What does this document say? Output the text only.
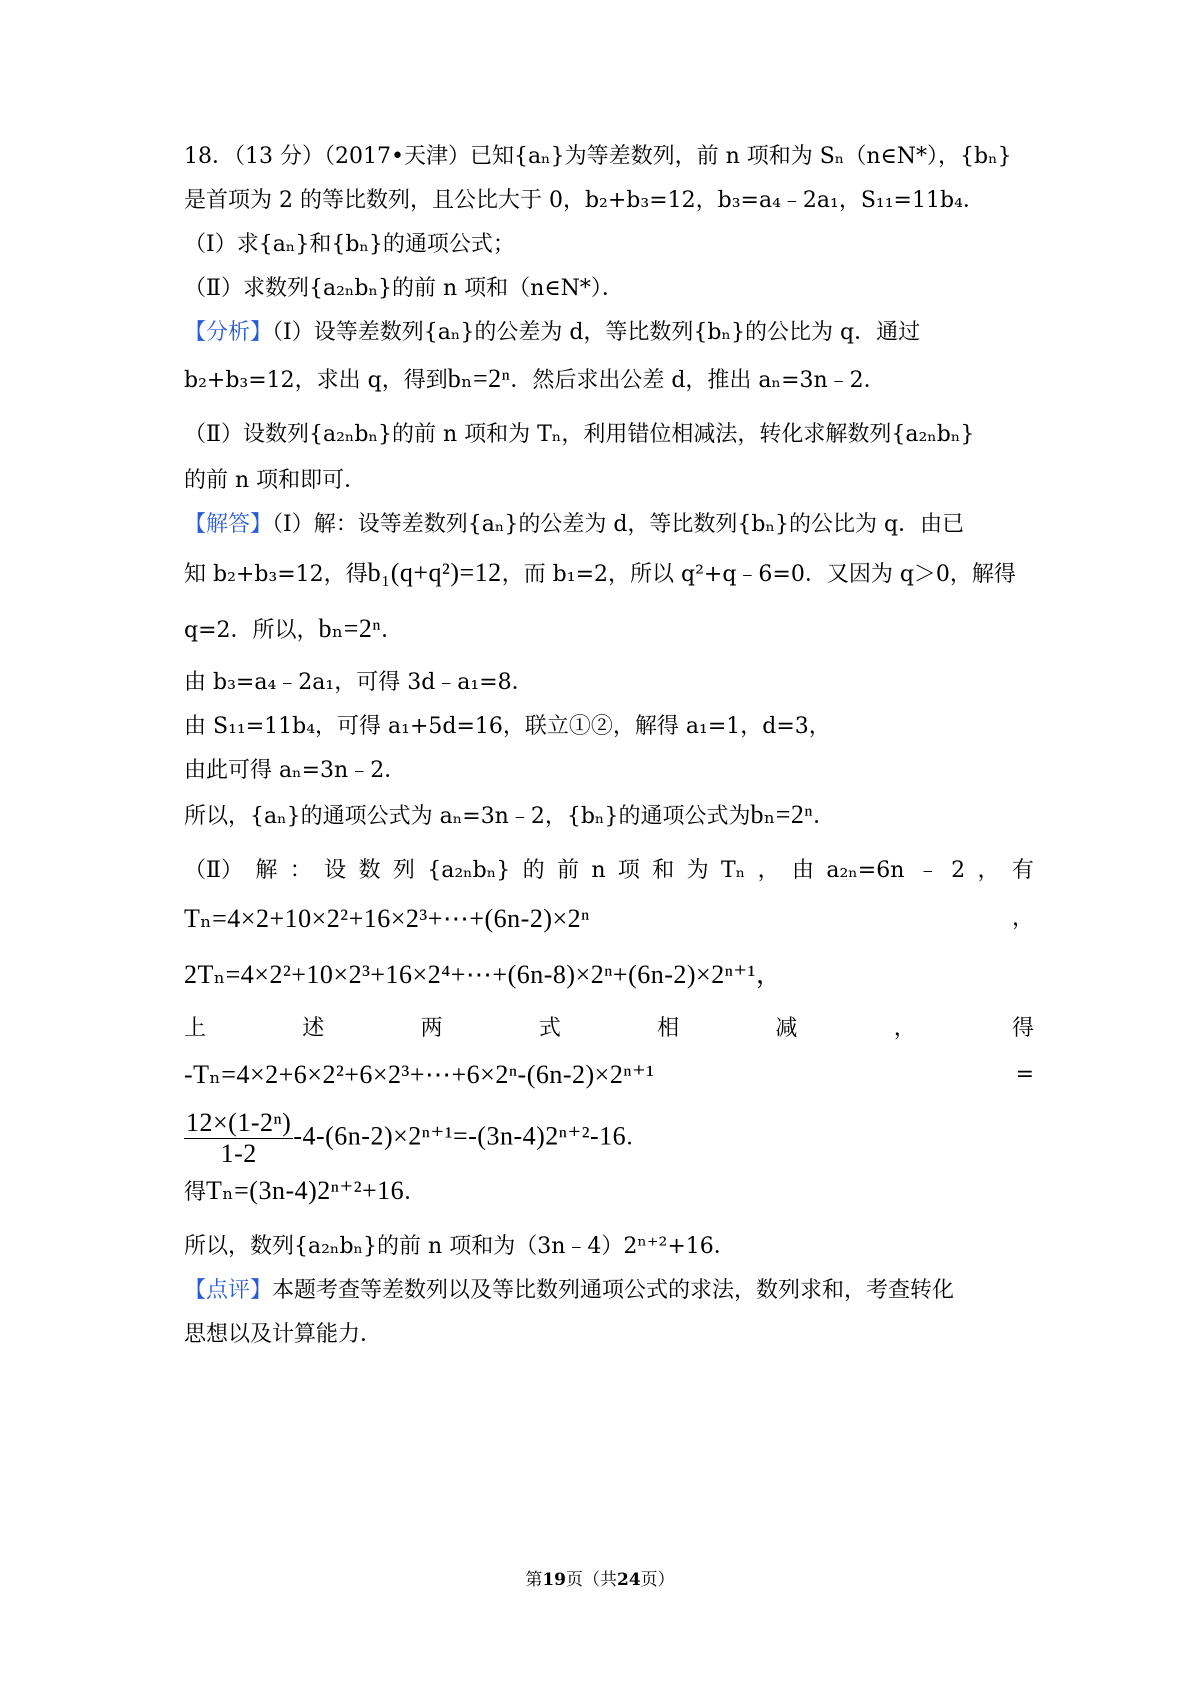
18．（13 分）（2017•天津）已知{aₙ}为等差数列，前 n 项和为 Sₙ（n∈N*），{bₙ}
是首项为 2 的等比数列，且公比大于 0，b₂+b₃=12，b₃=a₄﹣2a₁，S₁₁=11b₄．
（Ⅰ）求{aₙ}和{bₙ}的通项公式；
（Ⅱ）求数列{a₂ₙbₙ}的前 n 项和（n∈N*）．
【分析】（Ⅰ）设等差数列{aₙ}的公差为 d，等比数列{bₙ}的公比为 q．通过
b₂+b₃=12，求出 q，得到bₙ=2ⁿ．然后求出公差 d，推出 aₙ=3n﹣2．
（Ⅱ）设数列{a₂ₙbₙ}的前 n 项和为 Tₙ，利用错位相减法，转化求解数列{a₂ₙbₙ}
的前 n 项和即可．
【解答】（Ⅰ）解：设等差数列{aₙ}的公差为 d，等比数列{bₙ}的公比为 q．由已
知 b₂+b₃=12，得b₁(q+q²)=12，而 b₁=2，所以 q²+q﹣6=0．又因为 q＞0，解得
q=2．所以，bₙ=2ⁿ．
由 b₃=a₄﹣2a₁，可得 3d﹣a₁=8．
由 S₁₁=11b₄，可得 a₁+5d=16，联立①②，解得 a₁=1，d=3，
由此可得 aₙ=3n﹣2．
所以，{aₙ}的通项公式为 aₙ=3n﹣2，{bₙ}的通项公式为bₙ=2ⁿ．
（Ⅱ） 解 ： 设 数 列 {a₂ₙbₙ} 的 前 n 项 和 为 Tₙ ， 由 a₂ₙ=6n ﹣ 2 ， 有
Tₙ=4×2+10×2²+16×2³+⋯+(6n-2)×2ⁿ	，
2Tₙ=4×2²+10×2³+16×2⁴+⋯+(6n-8)×2ⁿ+(6n-2)×2ⁿ⁺¹，
上	述	两	式	相	减	，	得
-Tₙ=4×2+6×2²+6×2³+⋯+6×2ⁿ-(6n-2)×2ⁿ⁺¹	=
$\frac{\text{12×(1-2ⁿ)}}{1-2} -4-(6n-2)\times 2^{n+1}=-(3n-4)2^{n+2}-16$．
得Tₙ=(3n-4)2ⁿ⁺²+16．
所以，数列{a₂ₙbₙ}的前 n 项和为（3n﹣4）2ⁿ⁺²+16．
【点评】本题考查等差数列以及等比数列通项公式的求法，数列求和，考查转化
思想以及计算能力．
第19页（共24页）
